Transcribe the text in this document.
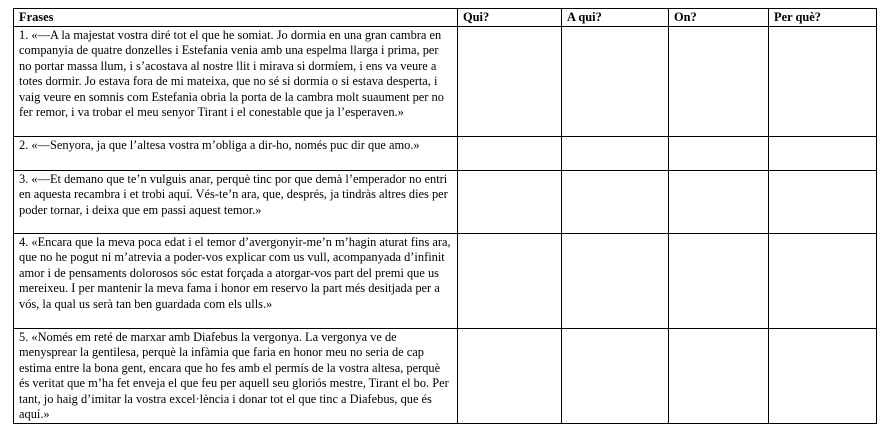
Frases	Qui?	A qui?	On?	Per què?
1. «—A la majestat vostra diré tot el que he somiat. Jo dormia en una gran cambra en companyia de quatre donzelles i Estefania venia amb una espelma llarga i prima, per no portar massa llum, i s’acostava al nostre llit i mirava si dormíem, i ens va veure a totes dormir. Jo estava fora de mi mateixa, que no sé si dormia o si estava desperta, i vaig veure en somnis com Estefania obria la porta de la cambra molt suaument per no fer remor, i va trobar el meu senyor Tirant i el conestable que ja l’esperaven.»				
2. «—Senyora, ja que l’altesa vostra m’obliga a dir-ho, només puc dir que amo.»				
3. «—Et demano que te’n vulguis anar, perquè tinc por que demà l’emperador no entri en aquesta recambra i et trobi aquí. Vés-te’n ara, que, després, ja tindràs altres dies per poder tornar, i deixa que em passi aquest temor.»				
4. «Encara que la meva poca edat i el temor d’avergonyir-me’n m’hagin aturat fins ara, que no he pogut ni m’atrevia a poder-vos explicar com us vull, acompanyada d’infinit amor i de pensaments dolorosos sóc estat forçada a atorgar-vos part del premi que us mereixeu. I per mantenir la meva fama i honor em reservo la part més desitjada per a vós, la qual us serà tan ben guardada com els ulls.»				
5. «Només em reté de marxar amb Diafebus la vergonya. La vergonya ve de menysprear la gentilesa, perquè la infàmia que faria en honor meu no seria de cap estima entre la bona gent, encara que ho fes amb el permís de la vostra altesa, perquè és veritat que m’ha fet enveja el que feu per aquell seu gloriós mestre, Tirant el bo. Per tant, jo haig d’imitar la vostra excel·lència i donar tot el que tinc a Diafebus, que és aquí.»				
